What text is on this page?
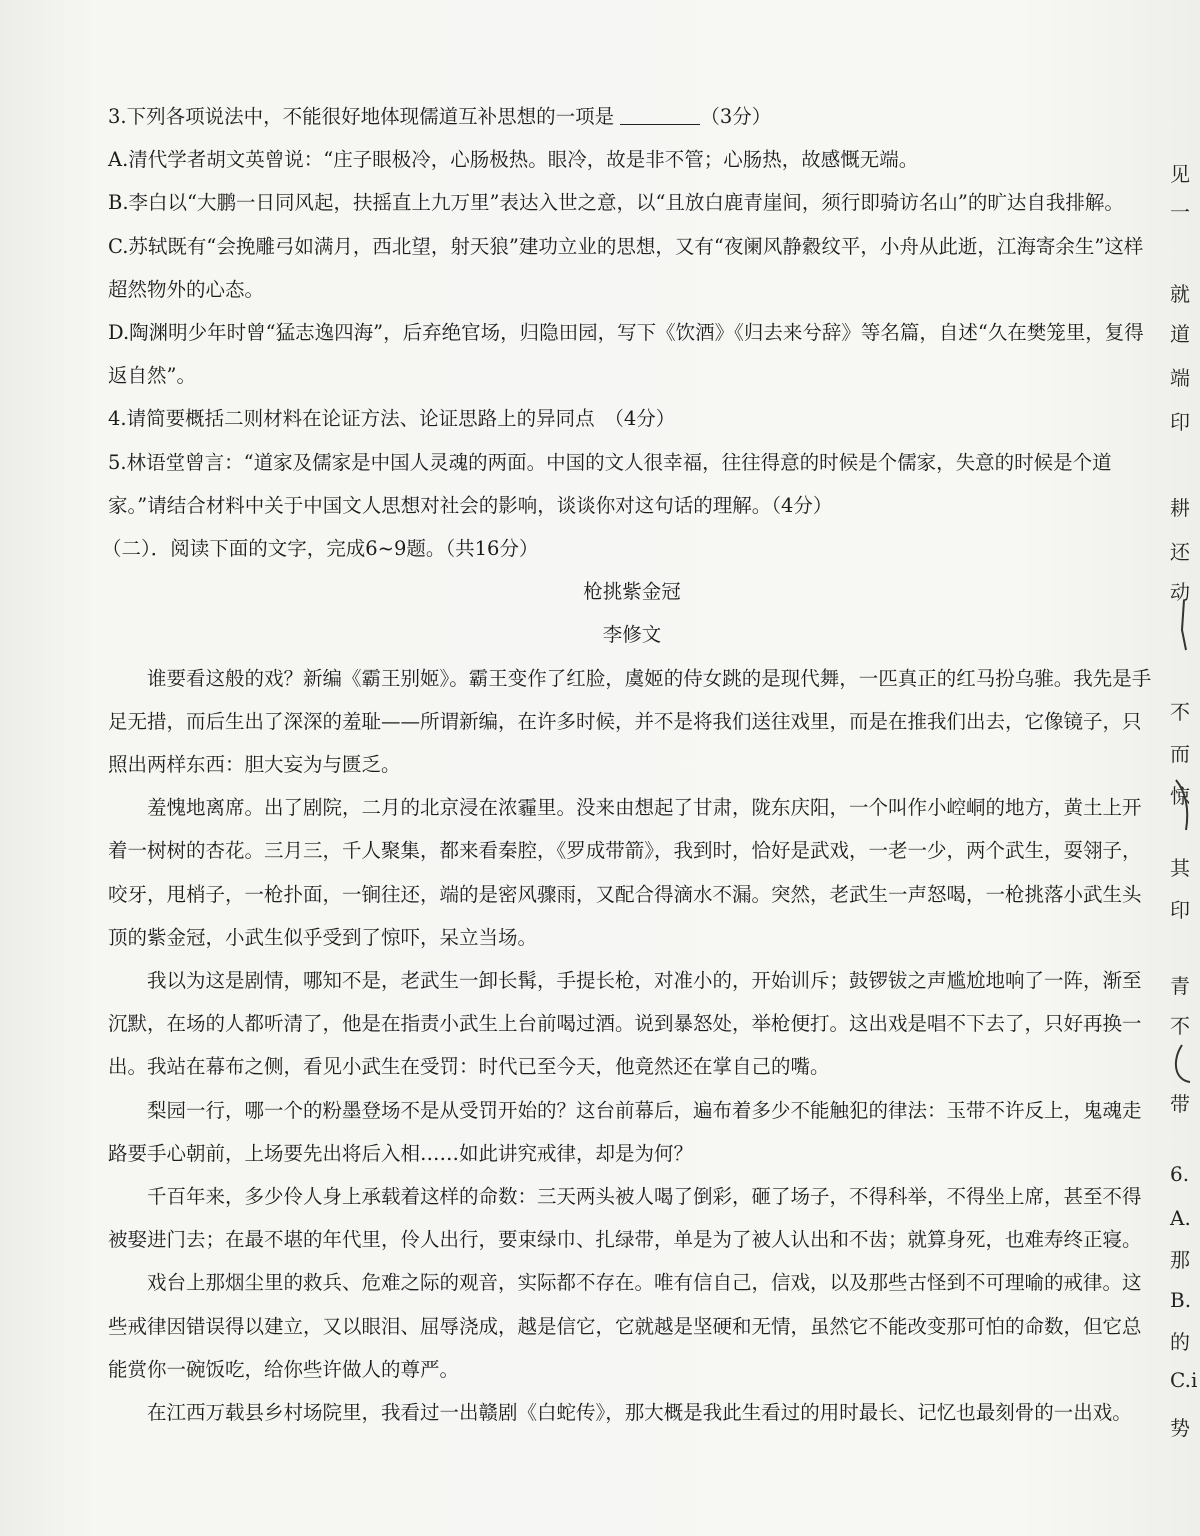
3.下列各项说法中，不能很好地体现儒道互补思想的一项是	（3分）

A.清代学者胡文英曾说：“庄子眼极冷，心肠极热。眼冷，故是非不管；心肠热，故感慨无端。

B.李白以“大鹏一日同风起，扶摇直上九万里”表达入世之意，以“且放白鹿青崖间，须行即骑访名山”的旷达自我排解。

C.苏轼既有“会挽雕弓如满月，西北望，射天狼”建功立业的思想，又有“夜阑风静縠纹平，小舟从此逝，江海寄余生”这样超然物外的心态。

D.陶渊明少年时曾“猛志逸四海”，后弃绝官场，归隐田园，写下《饮酒》《归去来兮辞》等名篇，自述“久在樊笼里，复得返自然”。

4.请简要概括二则材料在论证方法、论证思路上的异同点　（4分）

5.林语堂曾言：“道家及儒家是中国人灵魂的两面。中国的文人很幸福，往往得意的时候是个儒家，失意的时候是个道家。”请结合材料中关于中国文人思想对社会的影响，谈谈你对这句话的理解。（4分）

（二）．阅读下面的文字，完成6~9题。（共16分）

枪挑紫金冠

李修文

谁要看这般的戏？新编《霸王别姬》。霸王变作了红脸，虞姬的侍女跳的是现代舞，一匹真正的红马扮乌骓。我先是手足无措，而后生出了深深的羞耻——所谓新编，在许多时候，并不是将我们送往戏里，而是在推我们出去，它像镜子，只照出两样东西：胆大妄为与匮乏。

羞愧地离席。出了剧院，二月的北京浸在浓霾里。没来由想起了甘肃，陇东庆阳，一个叫作小崆峒的地方，黄土上开着一树树的杏花。三月三，千人聚集，都来看秦腔，《罗成带箭》，我到时，恰好是武戏，一老一少，两个武生，耍翎子，咬牙，甩梢子，一枪扑面，一锏往还，端的是密风骤雨，又配合得滴水不漏。突然，老武生一声怒喝，一枪挑落小武生头顶的紫金冠，小武生似乎受到了惊吓，呆立当场。

我以为这是剧情，哪知不是，老武生一卸长髯，手提长枪，对准小的，开始训斥；鼓锣钹之声尴尬地响了一阵，渐至沉默，在场的人都听清了，他是在指责小武生上台前喝过酒。说到暴怒处，举枪便打。这出戏是唱不下去了，只好再换一出。我站在幕布之侧，看见小武生在受罚：时代已至今天，他竟然还在掌自己的嘴。

梨园一行，哪一个的粉墨登场不是从受罚开始的？这台前幕后，遍布着多少不能触犯的律法：玉带不许反上，鬼魂走路要手心朝前，上场要先出将后入相……如此讲究戒律，却是为何？

千百年来，多少伶人身上承载着这样的命数：三天两头被人喝了倒彩，砸了场子，不得科举，不得坐上席，甚至不得被娶进门去；在最不堪的年代里，伶人出行，要束绿巾、扎绿带，单是为了被人认出和不齿；就算身死，也难寿终正寝。

戏台上那烟尘里的救兵、危难之际的观音，实际都不存在。唯有信自己，信戏，以及那些古怪到不可理喻的戒律。这些戒律因错误得以建立，又以眼泪、屈辱浇成，越是信它，它就越是坚硬和无情，虽然它不能改变那可怕的命数，但它总能赏你一碗饭吃，给你些许做人的尊严。

在江西万载县乡村场院里，我看过一出赣剧《白蛇传》，那大概是我此生看过的用时最长、记忆也最刻骨的一出戏。

见
一
就
道
端
印
耕
还
动
不
而
惊
其
印
青
不
带
6.
A.
那
B.
的
C.i
势
